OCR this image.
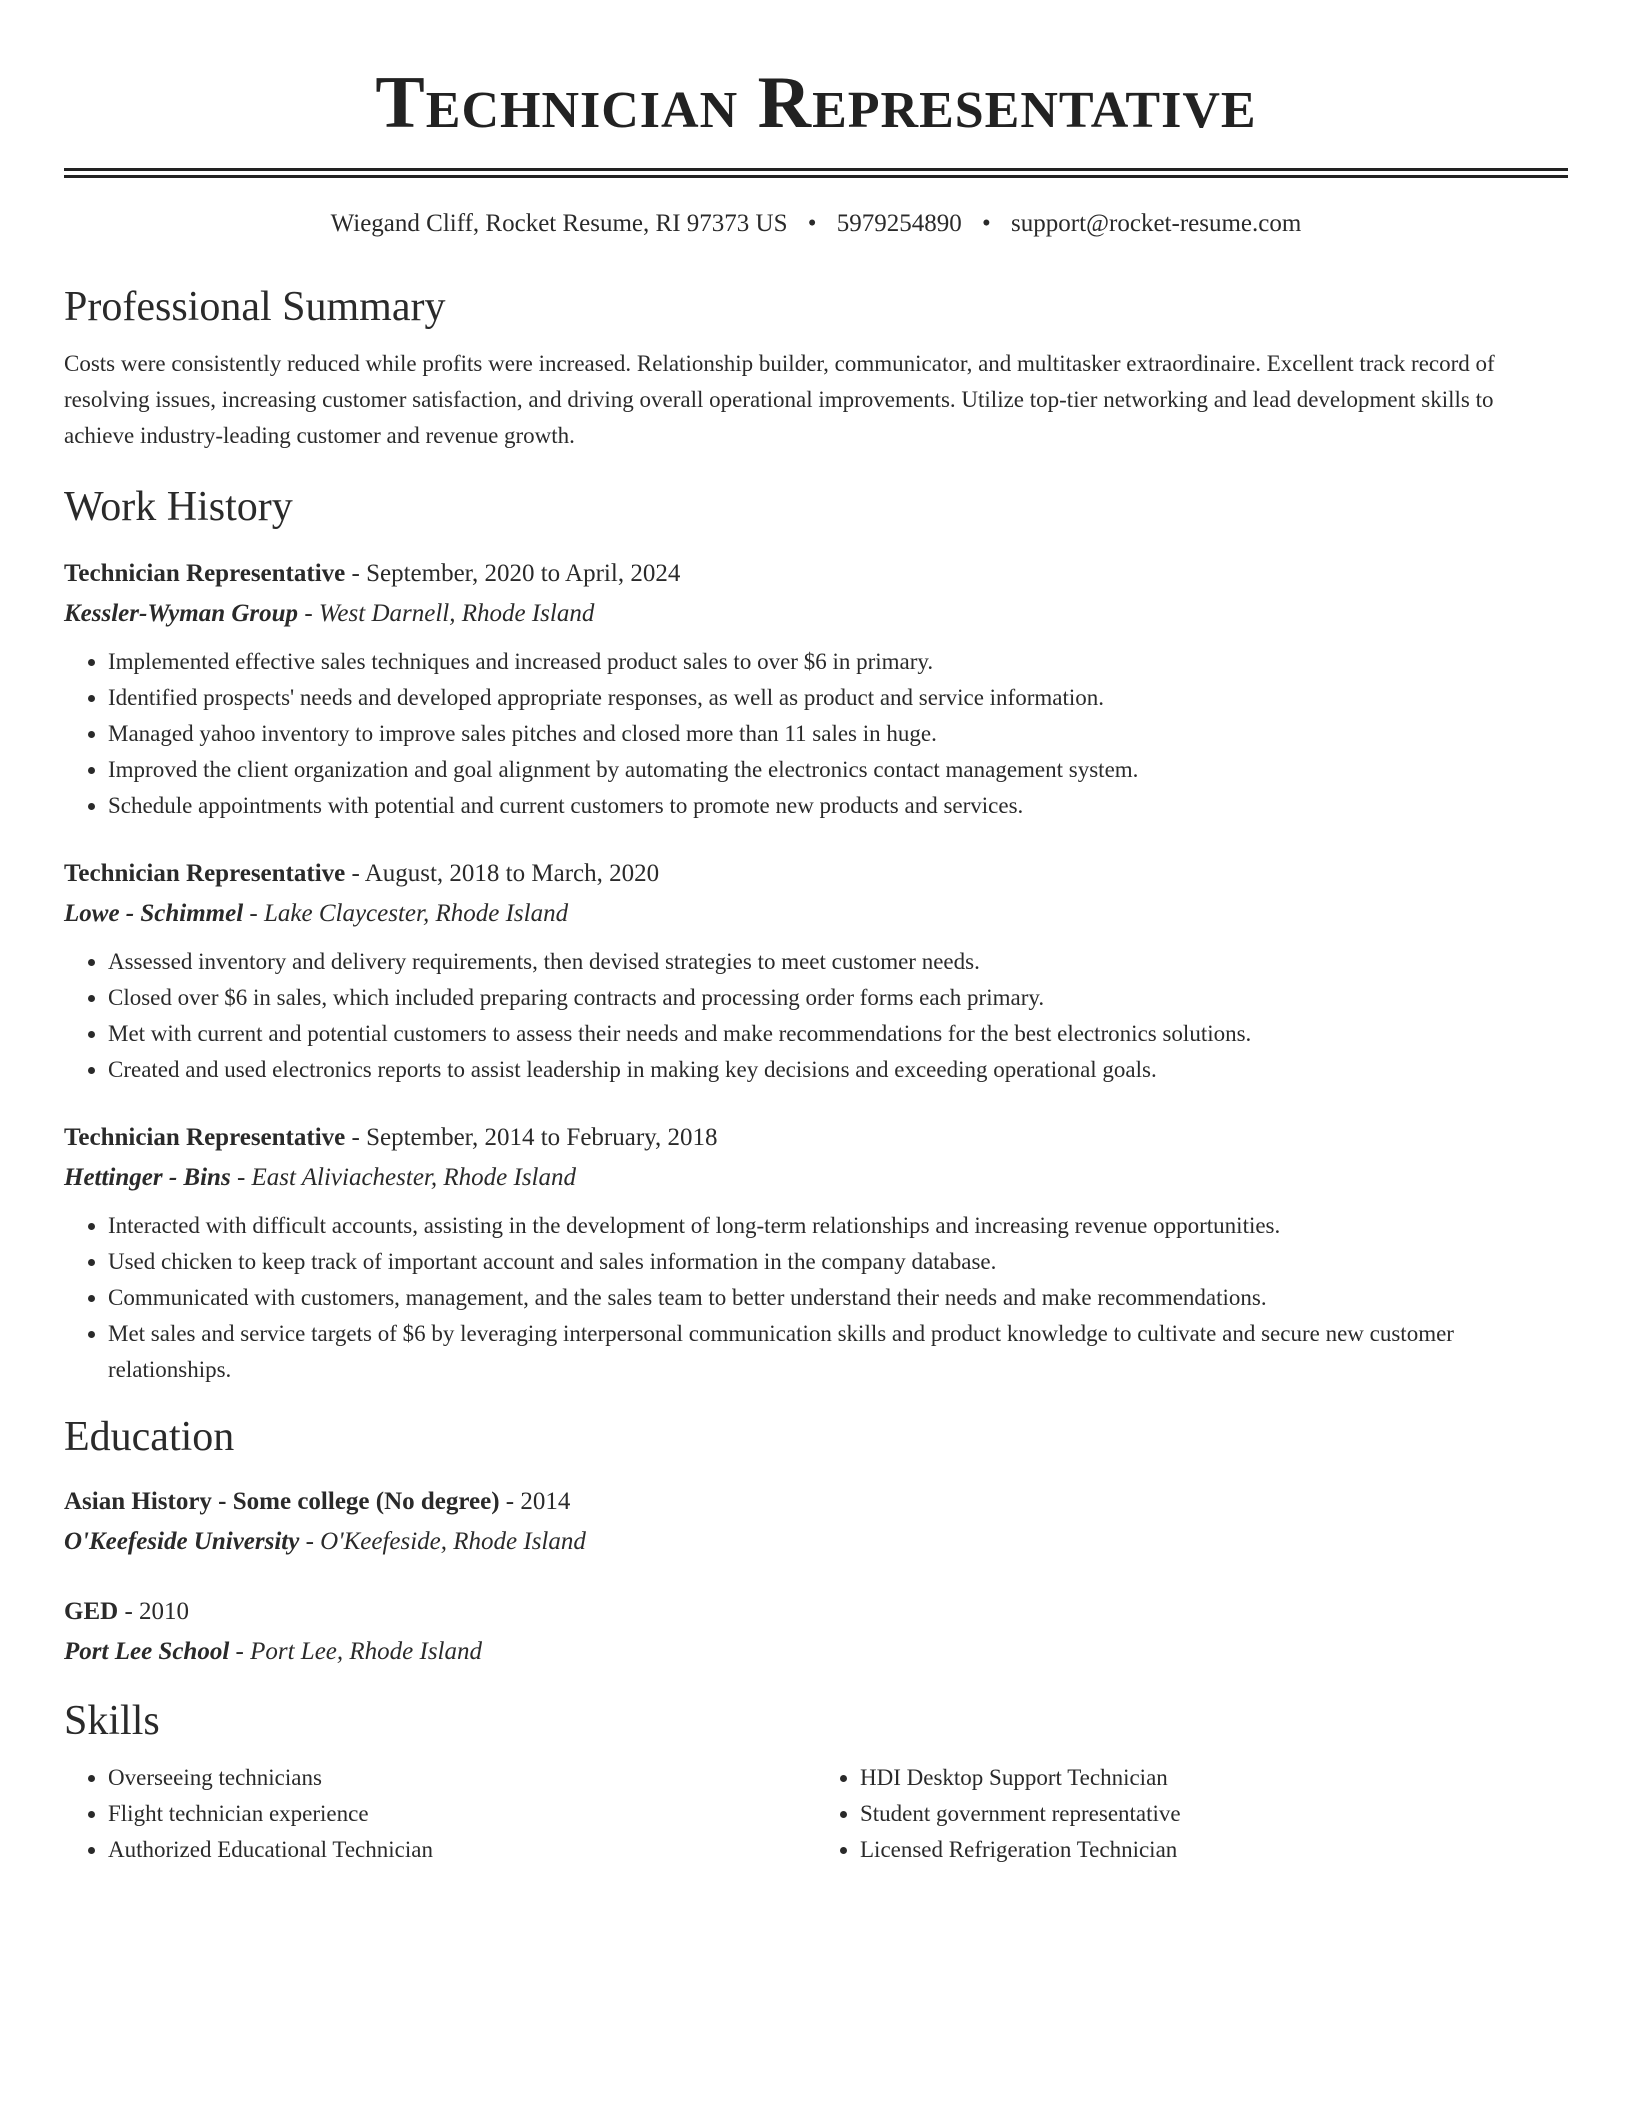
Technician Representative
Wiegand Cliff, Rocket Resume, RI 97373 US • 5979254890 • support@rocket-resume.com
Professional Summary

Costs were consistently reduced while profits were increased. Relationship builder, communicator, and multitasker extraordinaire. Excellent track record of resolving issues, increasing customer satisfaction, and driving overall operational improvements. Utilize top-tier networking and lead development skills to achieve industry-leading customer and revenue growth.

Work History
Technician Representative - September, 2020 to April, 2024
Kessler-Wyman Group - West Darnell, Rhode Island
• Implemented effective sales techniques and increased product sales to over $6 in primary.
• Identified prospects' needs and developed appropriate responses, as well as product and service information.
• Managed yahoo inventory to improve sales pitches and closed more than 11 sales in huge.
• Improved the client organization and goal alignment by automating the electronics contact management system.
• Schedule appointments with potential and current customers to promote new products and services.
Technician Representative - August, 2018 to March, 2020
Lowe - Schimmel - Lake Claycester, Rhode Island
• Assessed inventory and delivery requirements, then devised strategies to meet customer needs.
• Closed over $6 in sales, which included preparing contracts and processing order forms each primary.
• Met with current and potential customers to assess their needs and make recommendations for the best electronics solutions.
• Created and used electronics reports to assist leadership in making key decisions and exceeding operational goals.
Technician Representative - September, 2014 to February, 2018
Hettinger - Bins - East Aliviachester, Rhode Island
• Interacted with difficult accounts, assisting in the development of long-term relationships and increasing revenue opportunities.
• Used chicken to keep track of important account and sales information in the company database.
• Communicated with customers, management, and the sales team to better understand their needs and make recommendations.
• Met sales and service targets of $6 by leveraging interpersonal communication skills and product knowledge to cultivate and secure new customer relationships.
Education
Asian History - Some college (No degree) - 2014
O'Keefeside University - O'Keefeside, Rhode Island
GED - 2010
Port Lee School - Port Lee, Rhode Island
Skills
• Overseeing technicians
• Flight technician experience
• Authorized Educational Technician
• HDI Desktop Support Technician
• Student government representative
• Licensed Refrigeration Technician
